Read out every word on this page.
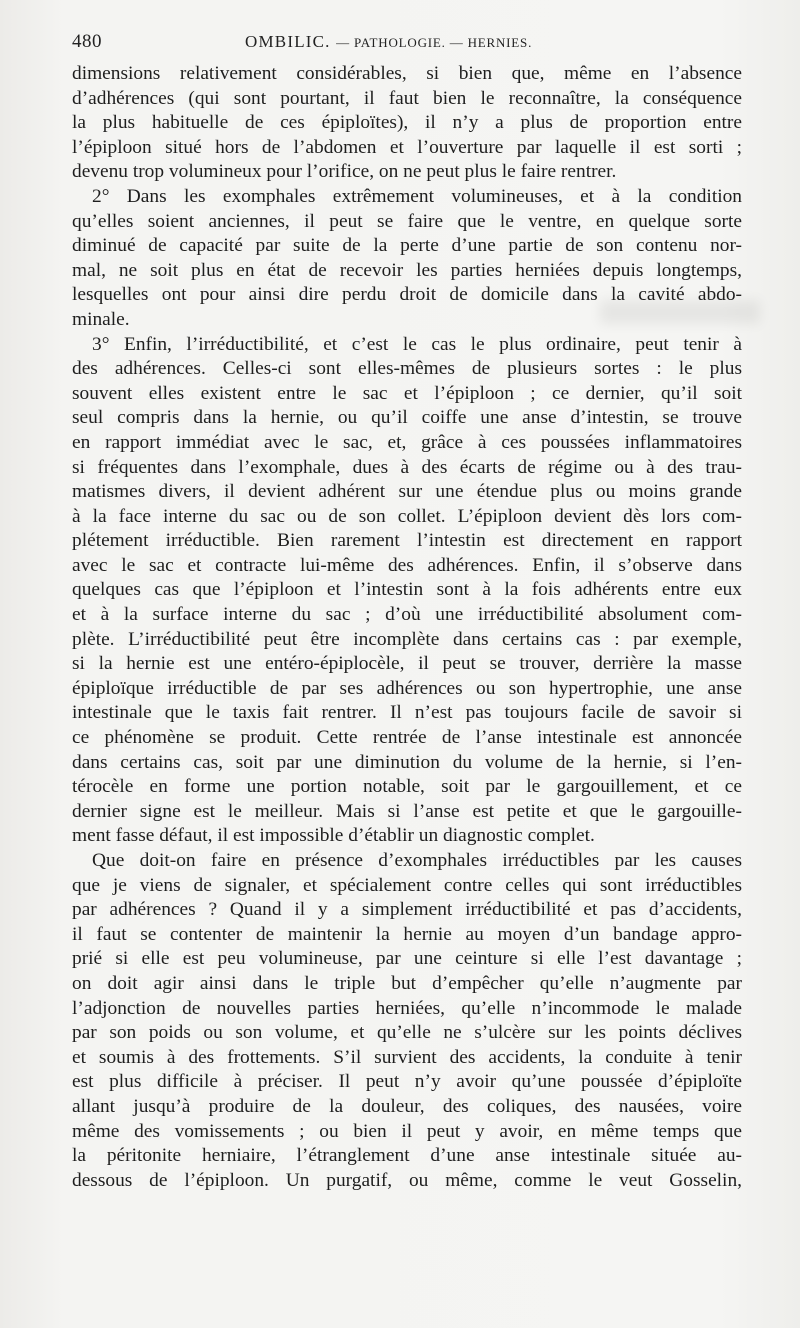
480	OMBILIC. — PATHOLOGIE. — HERNIES.

dimensions relativement considérables, si bien que, même en l’absence

d’adhérences (qui sont pourtant, il faut bien le reconnaître, la conséquence

la plus habituelle de ces épiploïtes), il n’y a plus de proportion entre

l’épiploon situé hors de l’abdomen et l’ouverture par laquelle il est sorti ;

devenu trop volumineux pour l’orifice, on ne peut plus le faire rentrer.

2° Dans les exomphales extrêmement volumineuses, et à la condition

qu’elles soient anciennes, il peut se faire que le ventre, en quelque sorte

diminué de capacité par suite de la perte d’une partie de son contenu nor-

mal, ne soit plus en état de recevoir les parties herniées depuis longtemps,

lesquelles ont pour ainsi dire perdu droit de domicile dans la cavité abdo-

minale.

3° Enfin, l’irréductibilité, et c’est le cas le plus ordinaire, peut tenir à

des adhérences. Celles-ci sont elles-mêmes de plusieurs sortes : le plus

souvent elles existent entre le sac et l’épiploon ; ce dernier, qu’il soit

seul compris dans la hernie, ou qu’il coiffe une anse d’intestin, se trouve

en rapport immédiat avec le sac, et, grâce à ces poussées inflammatoires

si fréquentes dans l’exomphale, dues à des écarts de régime ou à des trau-

matismes divers, il devient adhérent sur une étendue plus ou moins grande

à la face interne du sac ou de son collet. L’épiploon devient dès lors com-

plétement irréductible. Bien rarement l’intestin est directement en rapport

avec le sac et contracte lui-même des adhérences. Enfin, il s’observe dans

quelques cas que l’épiploon et l’intestin sont à la fois adhérents entre eux

et à la surface interne du sac ; d’où une irréductibilité absolument com-

plète. L’irréductibilité peut être incomplète dans certains cas : par exemple,

si la hernie est une entéro-épiplocèle, il peut se trouver, derrière la masse

épiploïque irréductible de par ses adhérences ou son hypertrophie, une anse

intestinale que le taxis fait rentrer. Il n’est pas toujours facile de savoir si

ce phénomène se produit. Cette rentrée de l’anse intestinale est annoncée

dans certains cas, soit par une diminution du volume de la hernie, si l’en-

térocèle en forme une portion notable, soit par le gargouillement, et ce

dernier signe est le meilleur. Mais si l’anse est petite et que le gargouille-

ment fasse défaut, il est impossible d’établir un diagnostic complet.

Que doit-on faire en présence d’exomphales irréductibles par les causes

que je viens de signaler, et spécialement contre celles qui sont irréductibles

par adhérences ? Quand il y a simplement irréductibilité et pas d’accidents,

il faut se contenter de maintenir la hernie au moyen d’un bandage appro-

prié si elle est peu volumineuse, par une ceinture si elle l’est davantage ;

on doit agir ainsi dans le triple but d’empêcher qu’elle n’augmente par

l’adjonction de nouvelles parties herniées, qu’elle n’incommode le malade

par son poids ou son volume, et qu’elle ne s’ulcère sur les points déclives

et soumis à des frottements. S’il survient des accidents, la conduite à tenir

est plus difficile à préciser. Il peut n’y avoir qu’une poussée d’épiploïte

allant jusqu’à produire de la douleur, des coliques, des nausées, voire

même des vomissements ; ou bien il peut y avoir, en même temps que

la péritonite herniaire, l’étranglement d’une anse intestinale située au-

dessous de l’épiploon. Un purgatif, ou même, comme le veut Gosselin,
